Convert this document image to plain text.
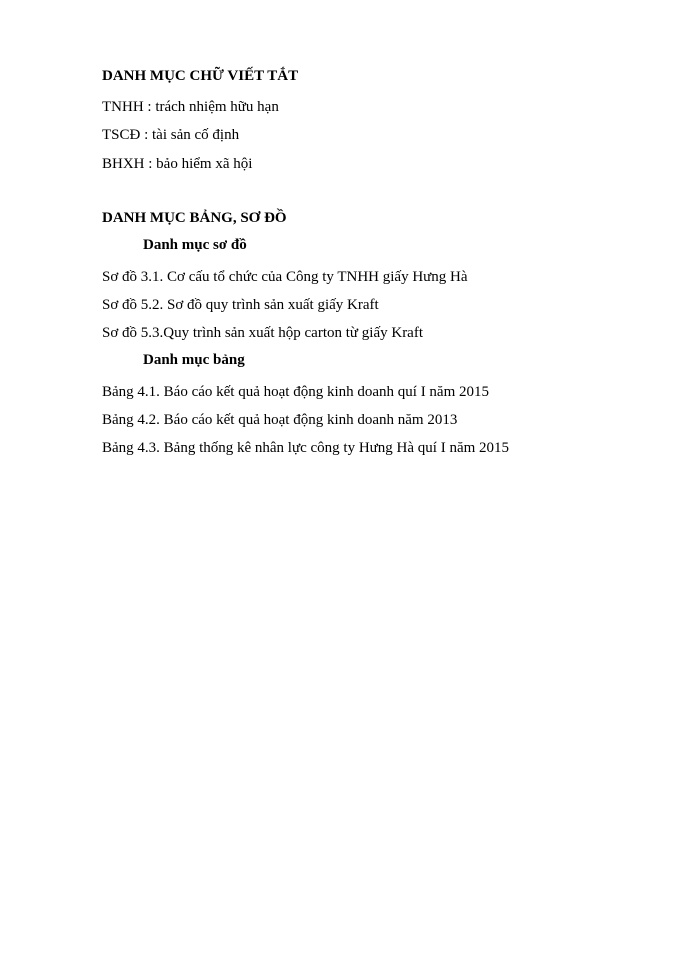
DANH MỤC CHỮ VIẾT TẮT
TNHH : trách nhiệm hữu hạn
TSCĐ : tài sản cố định
BHXH : bảo hiểm xã hội
DANH MỤC BẢNG, SƠ ĐỒ
Danh mục sơ đồ
Sơ đồ 3.1. Cơ cấu tổ chức của Công ty TNHH giấy Hưng Hà
Sơ đồ 5.2. Sơ đồ quy trình sản xuất giấy Kraft
Sơ đồ 5.3.Quy trình sản xuất hộp carton từ giấy Kraft
Danh mục bảng
Bảng 4.1. Báo cáo kết quả hoạt động kinh doanh quí I năm 2015
Bảng 4.2. Báo cáo kết quả hoạt động kinh doanh năm 2013
Bảng 4.3. Bảng thống kê nhân lực công ty Hưng Hà quí I năm 2015
